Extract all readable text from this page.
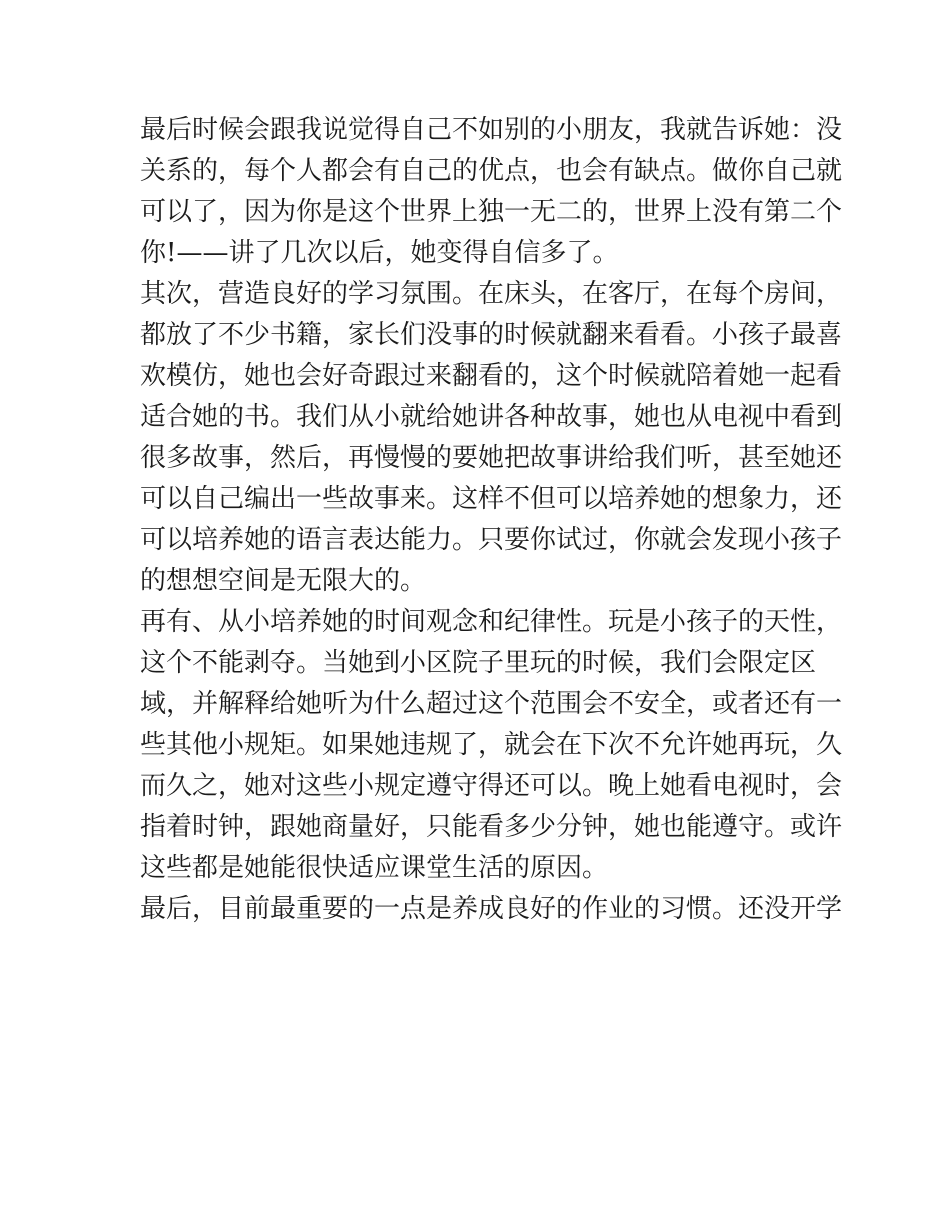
最后时候会跟我说觉得自己不如别的小朋友，我就告诉她：没
关系的，每个人都会有自己的优点，也会有缺点。做你自己就
可以了，因为你是这个世界上独一无二的，世界上没有第二个
你!——讲了几次以后，她变得自信多了。
其次，营造良好的学习氛围。在床头，在客厅，在每个房间，
都放了不少书籍，家长们没事的时候就翻来看看。小孩子最喜
欢模仿，她也会好奇跟过来翻看的，这个时候就陪着她一起看
适合她的书。我们从小就给她讲各种故事，她也从电视中看到
很多故事，然后，再慢慢的要她把故事讲给我们听，甚至她还
可以自己编出一些故事来。这样不但可以培养她的想象力，还
可以培养她的语言表达能力。只要你试过，你就会发现小孩子
的想想空间是无限大的。
再有、从小培养她的时间观念和纪律性。玩是小孩子的天性，
这个不能剥夺。当她到小区院子里玩的时候，我们会限定区
域，并解释给她听为什么超过这个范围会不安全，或者还有一
些其他小规矩。如果她违规了，就会在下次不允许她再玩，久
而久之，她对这些小规定遵守得还可以。晚上她看电视时，会
指着时钟，跟她商量好，只能看多少分钟，她也能遵守。或许
这些都是她能很快适应课堂生活的原因。
最后，目前最重要的一点是养成良好的作业的习惯。还没开学
